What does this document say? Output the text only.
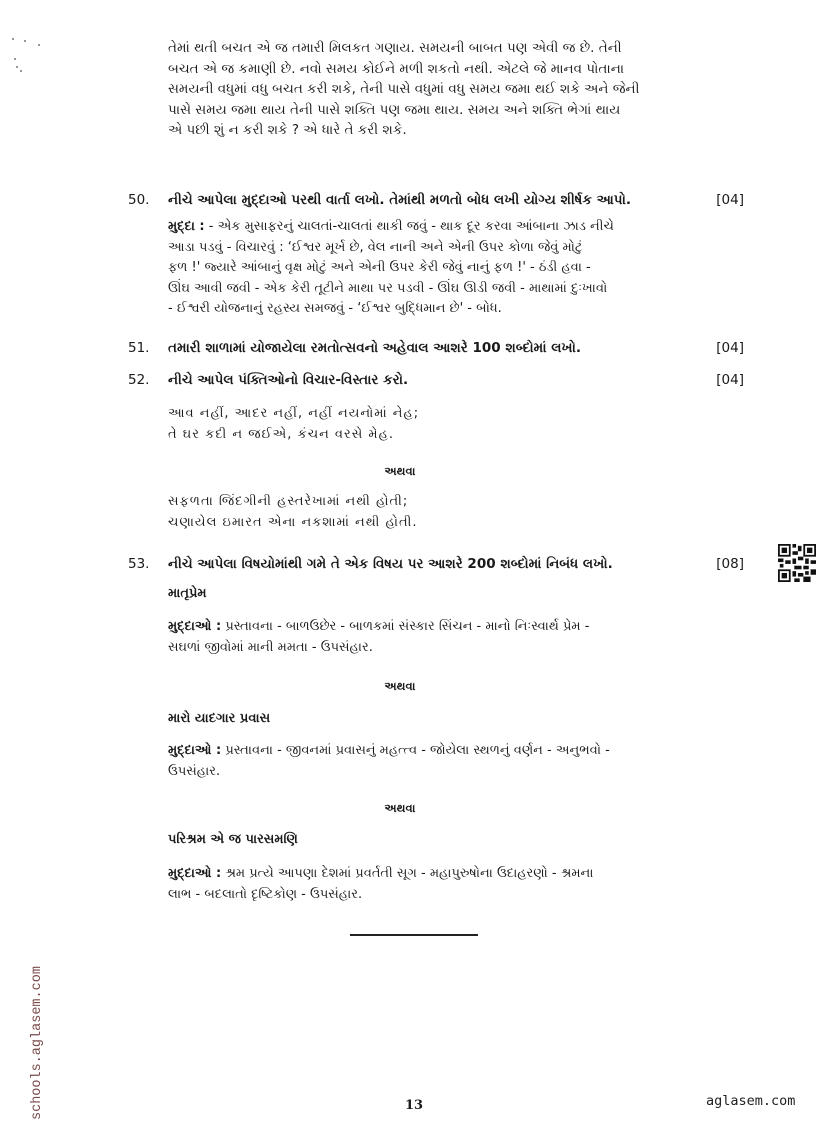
તેમાં થતી બચત એ જ તમારી મિલકત ગણાય. સમયની બાબત પણ એવી જ છે. તેની
બચત એ જ કમાણી છે. નવો સમય કોઈને મળી શકતો નથી. એટલે જે માનવ પોતાના
સમયની વધુમાં વધુ બચત કરી શકે, તેની પાસે વધુમાં વધુ સમય જમા થઈ શકે અને જેની
પાસે સમય જમા થાય તેની પાસે શક્તિ પણ જમા થાય. સમય અને શક્તિ ભેગાં થાય
એ પછી શું ન કરી શકે ? એ ધારે તે કરી શકે.
50. નીચે આપેલા મુદ્દાઓ પરથી વાર્તા લખો. તેમાંથી મળતો બોધ લખી યોગ્ય શીર્ષક આપો.	[04]
મુદ્દા : - એક મુસાફરનું ચાલતાં-ચાલતાં થાકી જવું - થાક દૂર કરવા આંબાના ઝાડ નીચે
આડા પડવું - વિચારવું : ‘ઈશ્વર મૂર્ખ છે, વેલ નાની અને એની ઉપર કોળા જેવું મોટું
ફળ !' જ્યારે આંબાનું વૃક્ષ મોટું અને એની ઉપર કેરી જેવું નાનું ફળ !' - ઠંડી હવા -
ઊંઘ આવી જવી - એક કેરી તૂટીને માથા પર પડવી - ઊંઘ ઊડી જવી - માથામાં દુઃખાવો
- ઈશ્વરી યોજનાનું રહસ્ય સમજવું - ‘ઈશ્વર બુદ્ધિમાન છે' - બોધ.
51. તમારી શાળામાં યોજાયેલા રમતોત્સવનો અહેવાલ આશરે 100 શબ્દોમાં લખો.	[04]
52. નીચે આપેલ પંક્તિઓનો વિચાર-વિસ્તાર કરો.	[04]
આવ નહીં, આદર નહીં, નહીં નયનોમાં નેહ;
તે ઘર કદી ન જઈએ, કંચન વરસે મેહ.
અથવા
સફળતા જિંદગીની હસ્તરેખામાં નથી હોતી;
ચણાયેલ ઇમારત એના નકશામાં નથી હોતી.
53. નીચે આપેલા વિષયોમાંથી ગમે તે એક વિષય પર આશરે 200 શબ્દોમાં નિબંધ લખો.	[08]
માતૃપ્રેમ
મુદ્દાઓ : પ્રસ્તાવના - બાળઉછેર - બાળકમાં સંસ્કાર સિંચન - માનો નિઃસ્વાર્થ પ્રેમ -
સઘળાં જીવોમાં માની મમતા - ઉપસંહાર.
અથવા
મારો યાદગાર પ્રવાસ
મુદ્દાઓ : પ્રસ્તાવના - જીવનમાં પ્રવાસનું મહત્ત્વ - જોયેલા સ્થળનું વર્ણન - અનુભવો -
ઉપસંહાર.
અથવા
પરિશ્રમ એ જ પારસમણિ
મુદ્દાઓ : શ્રમ પ્રત્યે આપણા દેશમાં પ્રવર્તતી સૂગ - મહાપુરુષોના ઉદાહરણો - શ્રમના
લાભ - બદલાતો દૃષ્ટિકોણ - ઉપસંહાર.
13	aglasem.com
schools.aglasem.com
